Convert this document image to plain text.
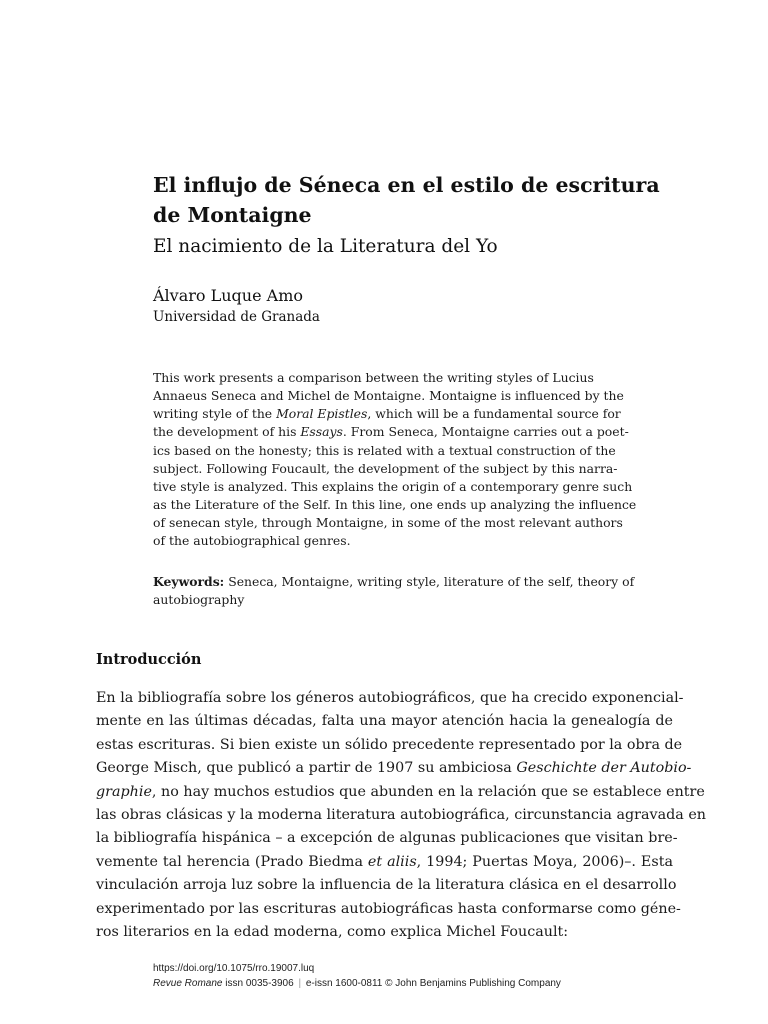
El influjo de Séneca en el estilo de escritura
de Montaigne
El nacimiento de la Literatura del Yo
Álvaro Luque Amo
Universidad de Granada
This work presents a comparison between the writing styles of Lucius
Annaeus Seneca and Michel de Montaigne. Montaigne is influenced by the
writing style of the Moral Epistles, which will be a fundamental source for
the development of his Essays. From Seneca, Montaigne carries out a poet-
ics based on the honesty; this is related with a textual construction of the
subject. Following Foucault, the development of the subject by this narra-
tive style is analyzed. This explains the origin of a contemporary genre such
as the Literature of the Self. In this line, one ends up analyzing the influence
of senecan style, through Montaigne, in some of the most relevant authors
of the autobiographical genres.
Keywords: Seneca, Montaigne, writing style, literature of the self, theory of
autobiography
Introducción
En la bibliografía sobre los géneros autobiográficos, que ha crecido exponencial-
mente en las últimas décadas, falta una mayor atención hacia la genealogía de
estas escrituras. Si bien existe un sólido precedente representado por la obra de
George Misch, que publicó a partir de 1907 su ambiciosa Geschichte der Autobio-
graphie, no hay muchos estudios que abunden en la relación que se establece entre
las obras clásicas y la moderna literatura autobiográfica, circunstancia agravada en
la bibliografía hispánica – a excepción de algunas publicaciones que visitan bre-
vemente tal herencia (Prado Biedma et aliis, 1994; Puertas Moya, 2006)–. Esta
vinculación arroja luz sobre la influencia de la literatura clásica en el desarrollo
experimentado por las escrituras autobiográficas hasta conformarse como géne-
ros literarios en la edad moderna, como explica Michel Foucault:
https://doi.org/10.1075/rro.19007.luq
Revue Romane issn 0035-3906 | e-issn 1600-0811 © John Benjamins Publishing Company
